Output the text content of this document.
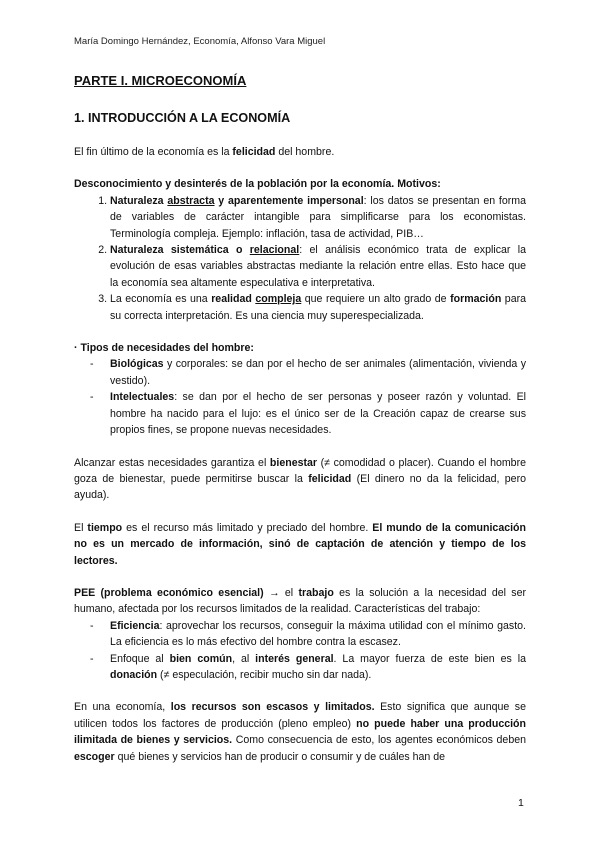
María Domingo Hernández, Economía, Alfonso Vara Miguel
PARTE I. MICROECONOMÍA
1. INTRODUCCIÓN A LA ECONOMÍA

El fin último de la economía es la felicidad del hombre.

Desconocimiento y desinterés de la población por la economía. Motivos:

1. Naturaleza abstracta y aparentemente impersonal: los datos se presentan en forma de variables de carácter intangible para simplificarse para los economistas. Terminología compleja. Ejemplo: inflación, tasa de actividad, PIB…
2. Naturaleza sistemática o relacional: el análisis económico trata de explicar la evolución de esas variables abstractas mediante la relación entre ellas. Esto hace que la economía sea altamente especulativa e interpretativa.
3. La economía es una realidad compleja que requiere un alto grado de formación para su correcta interpretación. Es una ciencia muy superespecializada.

· Tipos de necesidades del hombre:

- Biológicas y corporales: se dan por el hecho de ser animales (alimentación, vivienda y vestido).
- Intelectuales: se dan por el hecho de ser personas y poseer razón y voluntad. El hombre ha nacido para el lujo: es el único ser de la Creación capaz de crearse sus propios fines, se propone nuevas necesidades.

Alcanzar estas necesidades garantiza el bienestar (≠ comodidad o placer). Cuando el hombre goza de bienestar, puede permitirse buscar la felicidad (El dinero no da la felicidad, pero ayuda).

El tiempo es el recurso más limitado y preciado del hombre. El mundo de la comunicación no es un mercado de información, sinó de captación de atención y tiempo de los lectores.

PEE (problema económico esencial) → el trabajo es la solución a la necesidad del ser humano, afectada por los recursos limitados de la realidad. Características del trabajo:

- Eficiencia: aprovechar los recursos, conseguir la máxima utilidad con el mínimo gasto. La eficiencia es lo más efectivo del hombre contra la escasez.
- Enfoque al bien común, al interés general. La mayor fuerza de este bien es la donación (≠ especulación, recibir mucho sin dar nada).

En una economía, los recursos son escasos y limitados. Esto significa que aunque se utilicen todos los factores de producción (pleno empleo) no puede haber una producción ilimitada de bienes y servicios. Como consecuencia de esto, los agentes económicos deben escoger qué bienes y servicios han de producir o consumir y de cuáles han de

1
